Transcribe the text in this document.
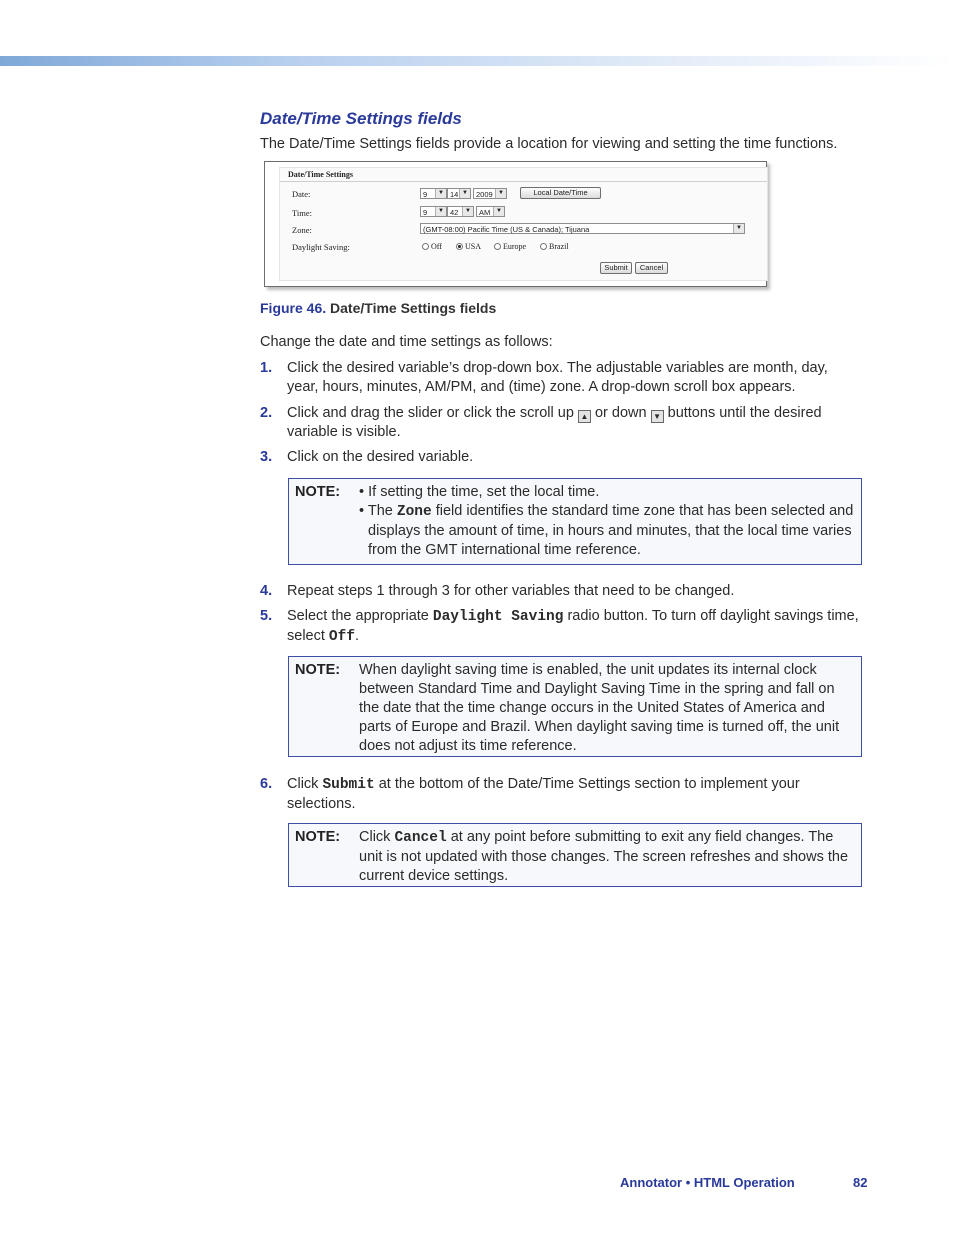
Date/Time Settings fields
The Date/Time Settings fields provide a location for viewing and setting the time functions.
Date/Time Settings
Date:	9	▼ 14 ▼	2009 ▼	Local Date/Time
Time:	9	▼ 42	▼	AM ▼
Zone:	(GMT-08:00) Pacific Time (US & Canada); Tijuana	▼
Daylight Saving:	Off	USA	Europe	Brazil
Submit	Cancel
Figure 46. Date/Time Settings fields
Change the date and time settings as follows:
1. Click the desired variable’s drop-down box. The adjustable variables are month, day, year, hours, minutes, AM/PM, and (time) zone. A drop-down scroll box appears.
2. Click and drag the slider or click the scroll up ▲ or down ▼ buttons until the desired variable is visible.
3. Click on the desired variable.
NOTE: • If setting the time, set the local time.
• The Zone field identifies the standard time zone that has been selected and displays the amount of time, in hours and minutes, that the local time varies from the GMT international time reference.
4. Repeat steps 1 through 3 for other variables that need to be changed.
5. Select the appropriate Daylight Saving radio button. To turn off daylight savings time, select Off.
NOTE: When daylight saving time is enabled, the unit updates its internal clock between Standard Time and Daylight Saving Time in the spring and fall on the date that the time change occurs in the United States of America and parts of Europe and Brazil. When daylight saving time is turned off, the unit does not adjust its time reference.
6. Click Submit at the bottom of the Date/Time Settings section to implement your selections.
NOTE: Click Cancel at any point before submitting to exit any field changes. The unit is not updated with those changes. The screen refreshes and shows the current device settings.
Annotator • HTML Operation	82
